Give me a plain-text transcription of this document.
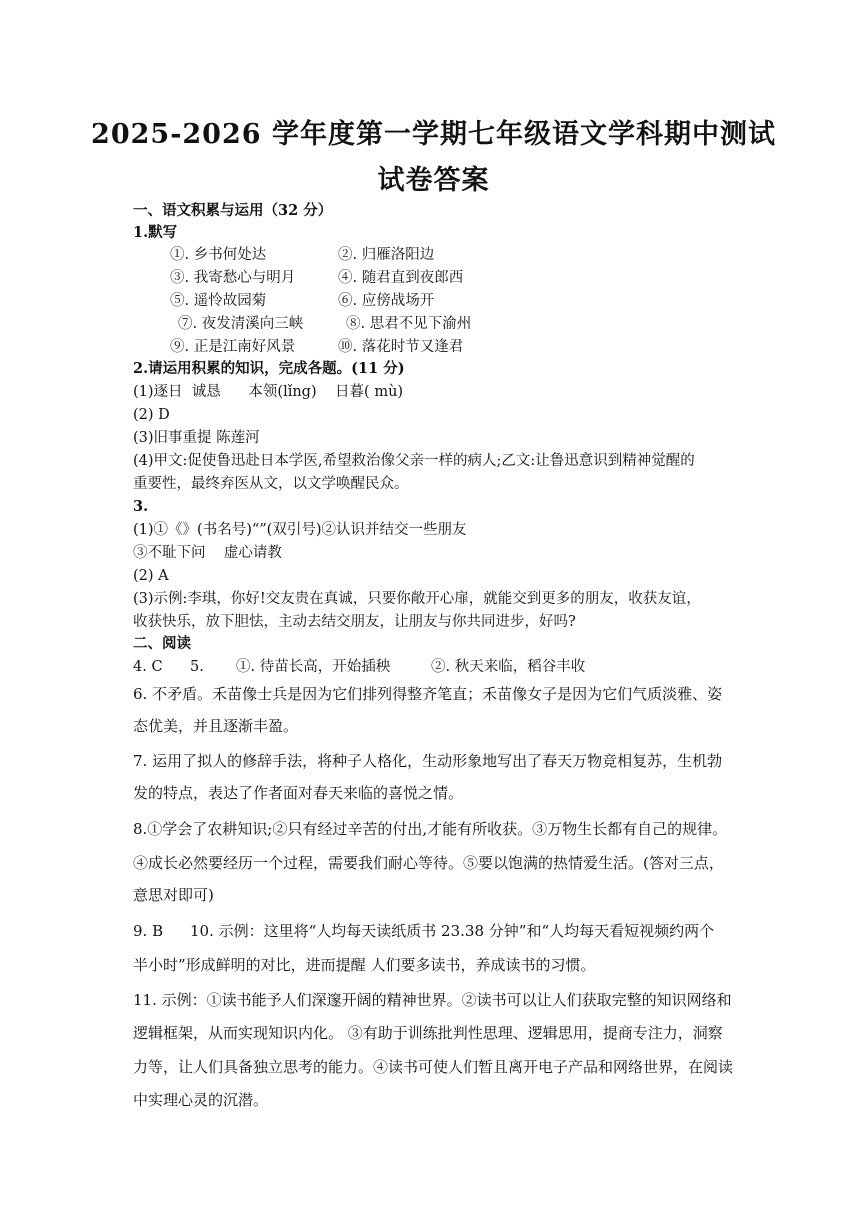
2025-2026 学年度第一学期七年级语文学科期中测试
试卷答案
一、语文积累与运用（32 分）
1.默写
①. 乡书何处达	②. 归雁洛阳边
③. 我寄愁心与明月	④. 随君直到夜郎西
⑤. 遥怜故园菊	⑥. 应傍战场开
⑦. 夜发清溪向三峡	⑧. 思君不见下渝州
⑨. 正是江南好风景	⑩. 落花时节又逢君
2.请运用积累的知识，完成各题。(11 分)
(1)逐日  诚恳      本领(lǐng)    日暮( mù)
(2) D
(3)旧事重提 陈莲河
(4)甲文:促使鲁迅赴日本学医,希望救治像父亲一样的病人;乙文:让鲁迅意识到精神觉醒的
重要性，最终弃医从文，以文学唤醒民众。
3.
(1)①《》(书名号)“”(双引号)②认识并结交一些朋友
③不耻下问    虚心请教
(2) A
(3)示例:李琪，你好!交友贵在真诚，只要你敞开心扉，就能交到更多的朋友，收获友谊，
收获快乐，放下胆怯，主动去结交朋友，让朋友与你共同进步，好吗?
二、阅读
4. C 5. ①. 待苗长高，开始插秧	②. 秋天来临，稻谷丰收
6. 不矛盾。禾苗像士兵是因为它们排列得整齐笔直；禾苗像女子是因为它们气质淡雅、姿
态优美，并且逐渐丰盈。
7. 运用了拟人的修辞手法，将种子人格化，生动形象地写出了春天万物竞相复苏，生机勃
发的特点，表达了作者面对春天来临的喜悦之情。
8.①学会了农耕知识;②只有经过辛苦的付出,才能有所收获。③万物生长都有自己的规律。
④成长必然要经历一个过程，需要我们耐心等待。⑤要以饱满的热情爱生活。(答对三点，
意思对即可)
9. B 10. 示例：这里将“人均每天读纸质书 23.38 分钟”和“人均每天看短视频约两个
半小时”形成鲜明的对比，进而提醒 人们要多读书，养成读书的习惯。
11. 示例：①读书能予人们深邃开阔的精神世界。②读书可以让人们获取完整的知识网络和
逻辑框架，从而实现知识内化。 ③有助于训练批判性思理、逻辑思用，提商专注力，洞察
力等，让人们具备独立思考的能力。④读书可使人们暂且离开电子产品和网络世界，在阅读
中实理心灵的沉潜。
